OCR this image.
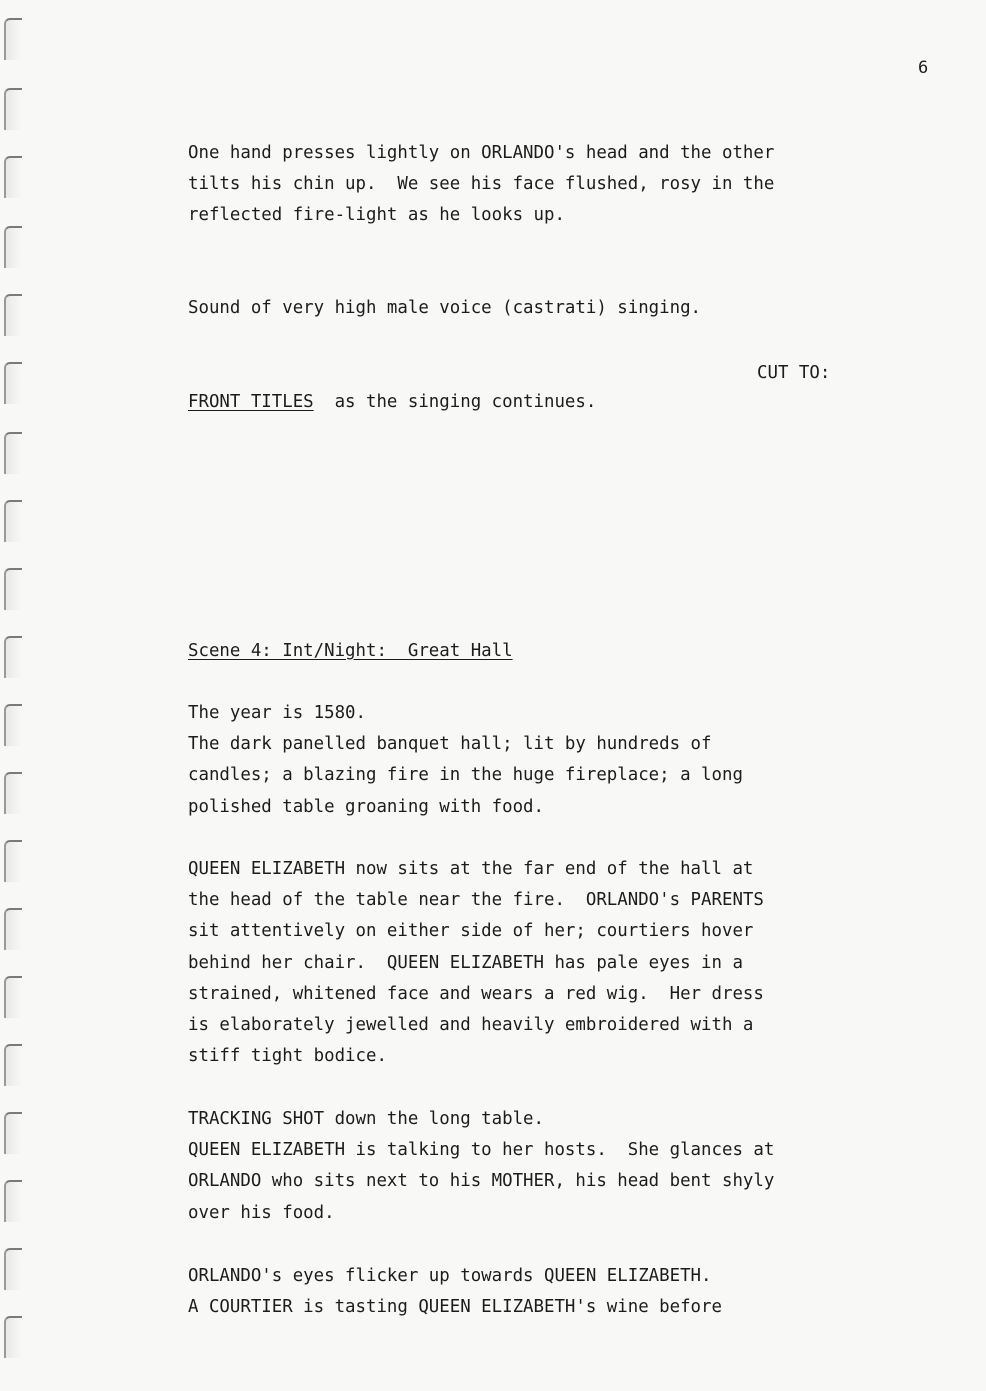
6
One hand presses lightly on ORLANDO's head and the other
tilts his chin up.  We see his face flushed, rosy in the
reflected fire-light as he looks up.
Sound of very high male voice (castrati) singing.
CUT TO:
FRONT TITLES  as the singing continues.
Scene 4: Int/Night:  Great Hall
The year is 1580.
The dark panelled banquet hall; lit by hundreds of
candles; a blazing fire in the huge fireplace; a long
polished table groaning with food.
QUEEN ELIZABETH now sits at the far end of the hall at
the head of the table near the fire.  ORLANDO's PARENTS
sit attentively on either side of her; courtiers hover
behind her chair.  QUEEN ELIZABETH has pale eyes in a
strained, whitened face and wears a red wig.  Her dress
is elaborately jewelled and heavily embroidered with a
stiff tight bodice.
TRACKING SHOT down the long table.
QUEEN ELIZABETH is talking to her hosts.  She glances at
ORLANDO who sits next to his MOTHER, his head bent shyly
over his food.
ORLANDO's eyes flicker up towards QUEEN ELIZABETH.
A COURTIER is tasting QUEEN ELIZABETH's wine before
